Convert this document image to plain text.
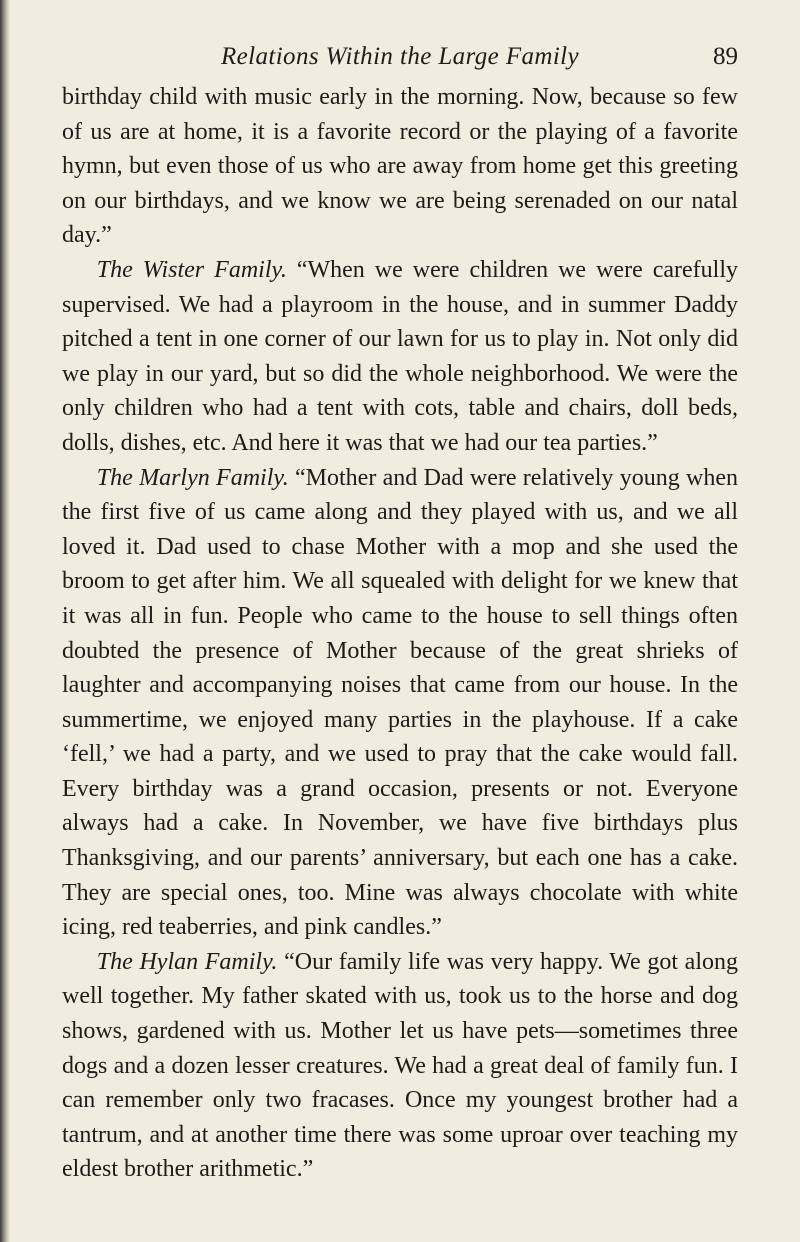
Relations Within the Large Family	89

birthday child with music early in the morning. Now, because so few of us are at home, it is a favorite record or the playing of a favorite hymn, but even those of us who are away from home get this greeting on our birthdays, and we know we are being serenaded on our natal day.”

The Wister Family. “When we were children we were carefully supervised. We had a playroom in the house, and in summer Daddy pitched a tent in one corner of our lawn for us to play in. Not only did we play in our yard, but so did the whole neighborhood. We were the only children who had a tent with cots, table and chairs, doll beds, dolls, dishes, etc. And here it was that we had our tea parties.”

The Marlyn Family. “Mother and Dad were relatively young when the first five of us came along and they played with us, and we all loved it. Dad used to chase Mother with a mop and she used the broom to get after him. We all squealed with delight for we knew that it was all in fun. People who came to the house to sell things often doubted the presence of Mother because of the great shrieks of laughter and accompanying noises that came from our house. In the summertime, we enjoyed many parties in the playhouse. If a cake ‘fell,’ we had a party, and we used to pray that the cake would fall. Every birthday was a grand occasion, presents or not. Everyone always had a cake. In November, we have five birthdays plus Thanksgiving, and our parents’ anniversary, but each one has a cake. They are special ones, too. Mine was always chocolate with white icing, red teaberries, and pink candles.”

The Hylan Family. “Our family life was very happy. We got along well together. My father skated with us, took us to the horse and dog shows, gardened with us. Mother let us have pets—sometimes three dogs and a dozen lesser creatures. We had a great deal of family fun. I can remember only two fracases. Once my youngest brother had a tantrum, and at another time there was some uproar over teaching my eldest brother arithmetic.”
